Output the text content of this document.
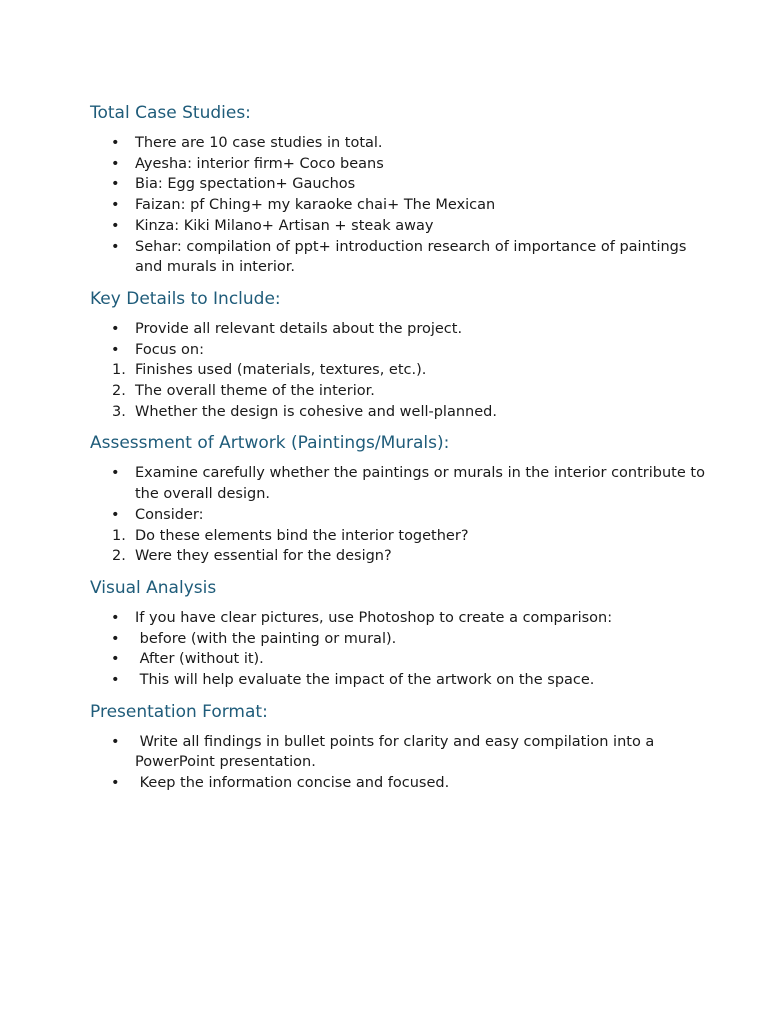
Total Case Studies:
•	There are 10 case studies in total.
•	Ayesha: interior firm+ Coco beans
•	Bia: Egg spectation+ Gauchos
•	Faizan: pf Ching+ my karaoke chai+ The Mexican
•	Kinza: Kiki Milano+ Artisan + steak away
•	Sehar: compilation of ppt+ introduction research of importance of paintings and murals in interior.
Key Details to Include:
•	Provide all relevant details about the project.
•	Focus on:
1. Finishes used (materials, textures, etc.).
2. The overall theme of the interior.
3. Whether the design is cohesive and well-planned.
Assessment of Artwork (Paintings/Murals):
•	Examine carefully whether the paintings or murals in the interior contribute to the overall design.
•	Consider:
1. Do these elements bind the interior together?
2. Were they essential for the design?
Visual Analysis
•	If you have clear pictures, use Photoshop to create a comparison:
•	before (with the painting or mural).
•	After (without it).
•	This will help evaluate the impact of the artwork on the space.
Presentation Format:
•	Write all findings in bullet points for clarity and easy compilation into a PowerPoint presentation.
•	Keep the information concise and focused.
